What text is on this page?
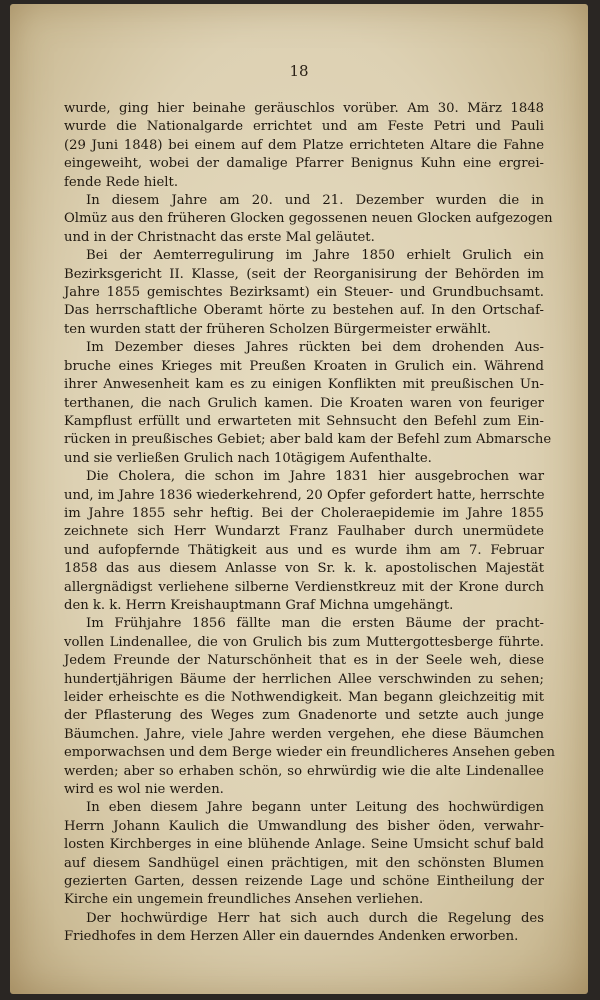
18
wurde, ging hier beinahe geräuschlos vorüber. Am 30. März 1848
wurde die Nationalgarde errichtet und am Feste Petri und Pauli
(29 Juni 1848) bei einem auf dem Platze errichteten Altare die Fahne
eingeweiht, wobei der damalige Pfarrer Benignus Kuhn eine ergrei-
fende Rede hielt.
In diesem Jahre am 20. und 21. Dezember wurden die in
Olmüz aus den früheren Glocken gegossenen neuen Glocken aufgezogen
und in der Christnacht das erste Mal geläutet.
Bei der Aemterregulirung im Jahre 1850 erhielt Grulich ein
Bezirksgericht II. Klasse, (seit der Reorganisirung der Behörden im
Jahre 1855 gemischtes Bezirksamt) ein Steuer- und Grundbuchsamt.
Das herrschaftliche Oberamt hörte zu bestehen auf. In den Ortschaf-
ten wurden statt der früheren Scholzen Bürgermeister erwählt.
Im Dezember dieses Jahres rückten bei dem drohenden Aus-
bruche eines Krieges mit Preußen Kroaten in Grulich ein. Während
ihrer Anwesenheit kam es zu einigen Konflikten mit preußischen Un-
terthanen, die nach Grulich kamen. Die Kroaten waren von feuriger
Kampflust erfüllt und erwarteten mit Sehnsucht den Befehl zum Ein-
rücken in preußisches Gebiet; aber bald kam der Befehl zum Abmarsche
und sie verließen Grulich nach 10tägigem Aufenthalte.
Die Cholera, die schon im Jahre 1831 hier ausgebrochen war
und, im Jahre 1836 wiederkehrend, 20 Opfer gefordert hatte, herrschte
im Jahre 1855 sehr heftig. Bei der Choleraepidemie im Jahre 1855
zeichnete sich Herr Wundarzt Franz Faulhaber durch unermüdete
und aufopfernde Thätigkeit aus und es wurde ihm am 7. Februar
1858 das aus diesem Anlasse von Sr. k. k. apostolischen Majestät
allergnädigst verliehene silberne Verdienstkreuz mit der Krone durch
den k. k. Herrn Kreishauptmann Graf Michna umgehängt.
Im Frühjahre 1856 fällte man die ersten Bäume der pracht-
vollen Lindenallee, die von Grulich bis zum Muttergottesberge führte.
Jedem Freunde der Naturschönheit that es in der Seele weh, diese
hundertjährigen Bäume der herrlichen Allee verschwinden zu sehen;
leider erheischte es die Nothwendigkeit. Man begann gleichzeitig mit
der Pflasterung des Weges zum Gnadenorte und setzte auch junge
Bäumchen. Jahre, viele Jahre werden vergehen, ehe diese Bäumchen
emporwachsen und dem Berge wieder ein freundlicheres Ansehen geben
werden; aber so erhaben schön, so ehrwürdig wie die alte Lindenallee
wird es wol nie werden.
In eben diesem Jahre begann unter Leitung des hochwürdigen
Herrn Johann Kaulich die Umwandlung des bisher öden, verwahr-
losten Kirchberges in eine blühende Anlage. Seine Umsicht schuf bald
auf diesem Sandhügel einen prächtigen, mit den schönsten Blumen
gezierten Garten, dessen reizende Lage und schöne Eintheilung der
Kirche ein ungemein freundliches Ansehen verliehen.
Der hochwürdige Herr hat sich auch durch die Regelung des
Friedhofes in dem Herzen Aller ein dauerndes Andenken erworben.
